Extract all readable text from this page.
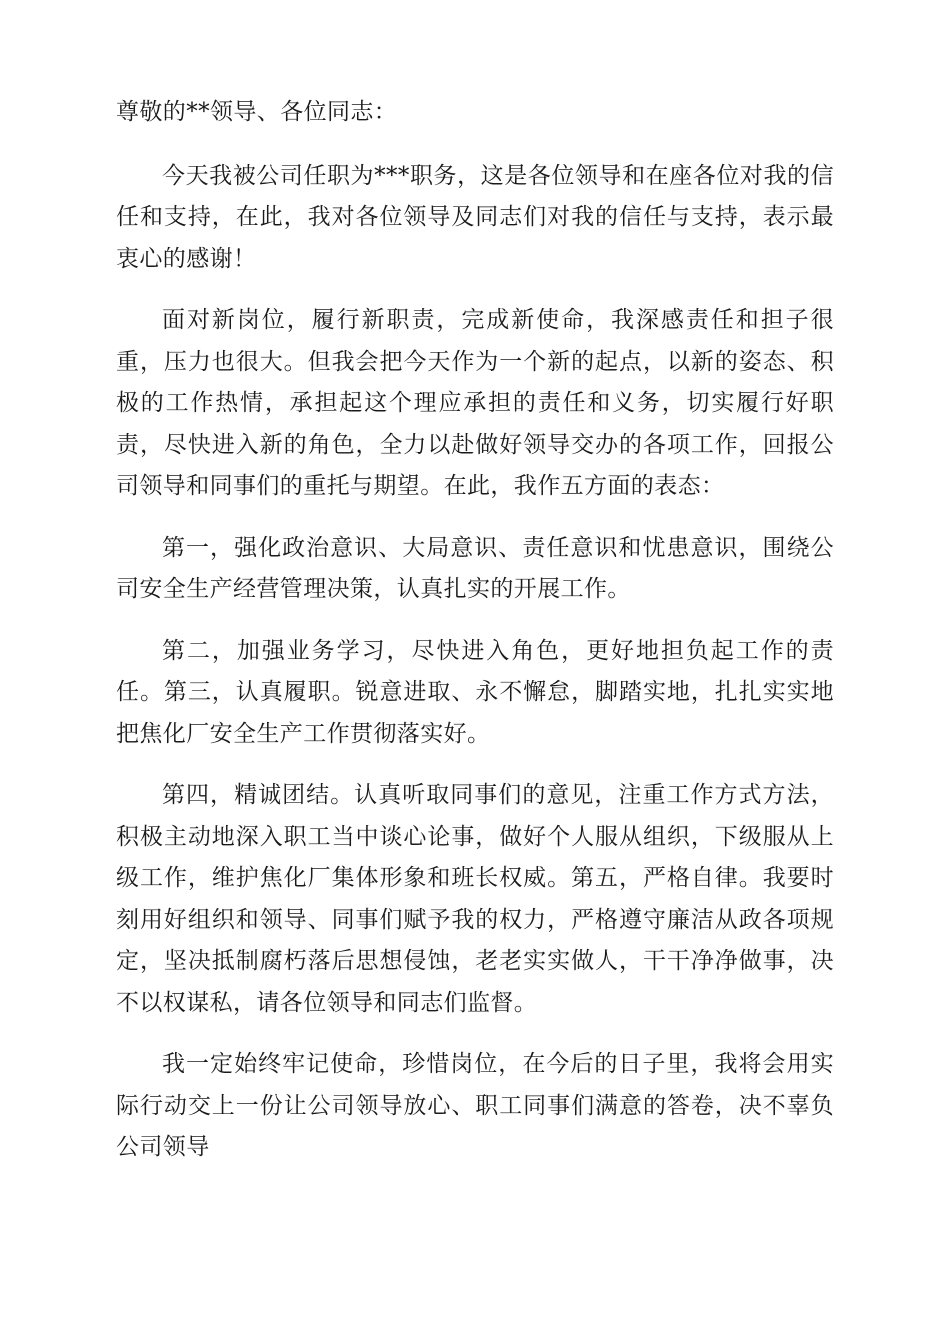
尊敬的**领导、各位同志：

今天我被公司任职为***职务，这是各位领导和在座各位对我的信任和支持，在此，我对各位领导及同志们对我的信任与支持，表示最衷心的感谢！

面对新岗位，履行新职责，完成新使命，我深感责任和担子很重，压力也很大。但我会把今天作为一个新的起点，以新的姿态、积极的工作热情，承担起这个理应承担的责任和义务，切实履行好职责，尽快进入新的角色，全力以赴做好领导交办的各项工作，回报公司领导和同事们的重托与期望。在此，我作五方面的表态：

第一，强化政治意识、大局意识、责任意识和忧患意识，围绕公司安全生产经营管理决策，认真扎实的开展工作。

第二，加强业务学习，尽快进入角色，更好地担负起工作的责任。第三，认真履职。锐意进取、永不懈怠，脚踏实地，扎扎实实地把焦化厂安全生产工作贯彻落实好。

第四，精诚团结。认真听取同事们的意见，注重工作方式方法，积极主动地深入职工当中谈心论事，做好个人服从组织，下级服从上级工作，维护焦化厂集体形象和班长权威。第五，严格自律。我要时刻用好组织和领导、同事们赋予我的权力，严格遵守廉洁从政各项规定，坚决抵制腐朽落后思想侵蚀，老老实实做人，干干净净做事，决不以权谋私，请各位领导和同志们监督。

我一定始终牢记使命，珍惜岗位，在今后的日子里，我将会用实际行动交上一份让公司领导放心、职工同事们满意的答卷，决不辜负公司领导
